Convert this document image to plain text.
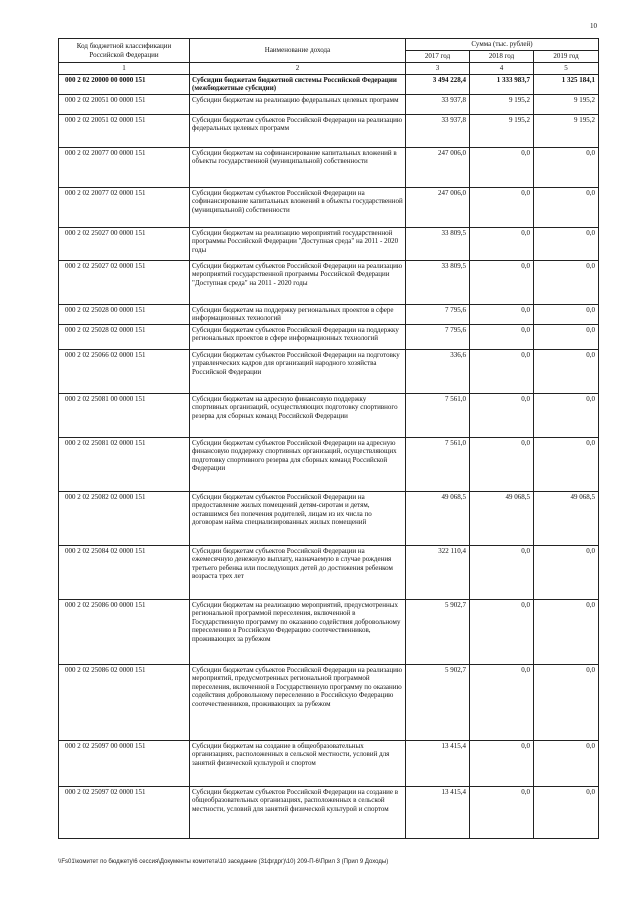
10
Код бюджетной классификации Российской Федерации	Наименование дохода	Сумма (тыс. рублей)		
		2017 год	2018 год	2019 год
1	2	3	4	5
000 2 02 20000 00 0000 151	Субсидии бюджетам бюджетной системы Российской Федерации (межбюджетные субсидии)	3 494 228,4	1 333 983,7	1 325 184,1
000 2 02 20051 00 0000 151	Субсидии бюджетам на реализацию федеральных целевых программ	33 937,8	9 195,2	9 195,2
000 2 02 20051 02 0000 151	Субсидии бюджетам субъектов Российской Федерации на реализацию федеральных целевых программ	33 937,8	9 195,2	9 195,2
000 2 02 20077 00 0000 151	Субсидии бюджетам на софинансирование капитальных вложений в объекты государственной (муниципальной) собственности	247 006,0	0,0	0,0
000 2 02 20077 02 0000 151	Субсидии бюджетам субъектов Российской Федерации на софинансирование капитальных вложений в объекты государственной (муниципальной) собственности	247 006,0	0,0	0,0
000 2 02 25027 00 0000 151	Субсидии бюджетам на реализацию мероприятий государственной программы Российской Федерации "Доступная среда" на 2011 - 2020 годы	33 809,5	0,0	0,0
000 2 02 25027 02 0000 151	Субсидии бюджетам субъектов Российской Федерации на реализацию мероприятий государственной программы Российской Федерации "Доступная среда" на 2011 - 2020 годы	33 809,5	0,0	0,0
000 2 02 25028 00 0000 151	Субсидии бюджетам на поддержку региональных проектов в сфере информационных технологий	7 795,6	0,0	0,0
000 2 02 25028 02 0000 151	Субсидии бюджетам субъектов Российской Федерации на поддержку региональных проектов в сфере информационных технологий	7 795,6	0,0	0,0
000 2 02 25066 02 0000 151	Субсидии бюджетам субъектов Российской Федерации на подготовку управленческих кадров для организаций народного хозяйства Российской Федерации	336,6	0,0	0,0
000 2 02 25081 00 0000 151	Субсидии бюджетам на адресную финансовую поддержку спортивных организаций, осуществляющих подготовку спортивного резерва для сборных команд Российской Федерации	7 561,0	0,0	0,0
000 2 02 25081 02 0000 151	Субсидии бюджетам субъектов Российской Федерации на адресную финансовую поддержку спортивных организаций, осуществляющих подготовку спортивного резерва для сборных команд Российской Федерации	7 561,0	0,0	0,0
000 2 02 25082 02 0000 151	Субсидии бюджетам субъектов Российской Федерации на предоставление жилых помещений детям-сиротам и детям, оставшимся без попечения родителей, лицам из их числа по договорам найма специализированных жилых помещений	49 068,5	49 068,5	49 068,5
000 2 02 25084 02 0000 151	Субсидии бюджетам субъектов Российской Федерации на ежемесячную денежную выплату, назначаемую в случае рождения третьего ребенка или последующих детей до достижения ребенком возраста трех лет	322 110,4	0,0	0,0
000 2 02 25086 00 0000 151	Субсидии бюджетам на реализацию мероприятий, предусмотренных региональной программой переселения, включенной в Государственную программу по оказанию содействия добровольному переселению в Российскую Федерацию соотечественников, проживающих за рубежом	5 902,7	0,0	0,0
000 2 02 25086 02 0000 151	Субсидии бюджетам субъектов Российской Федерации на реализацию мероприятий, предусмотренных региональной программой переселения, включенной в Государственную программу по оказанию содействия добровольному переселению в Российскую Федерацию соотечественников, проживающих за рубежом	5 902,7	0,0	0,0
000 2 02 25097 00 0000 151	Субсидии бюджетам на создание в общеобразовательных организациях, расположенных в сельской местности, условий для занятий физической культурой и спортом	13 415,4	0,0	0,0
000 2 02 25097 02 0000 151	Субсидии бюджетам субъектов Российской Федерации на создание в общеобразовательных организациях, расположенных в сельской местности, условий для занятий физической культурой и спортом	13 415,4	0,0	0,0
\\Fs01\комитет по бюджету\6 сессия\Документы комитета\10 заседание (31фгдрг)\10) 209-П-6\Прил 3 (Прил 9 Доходы)
